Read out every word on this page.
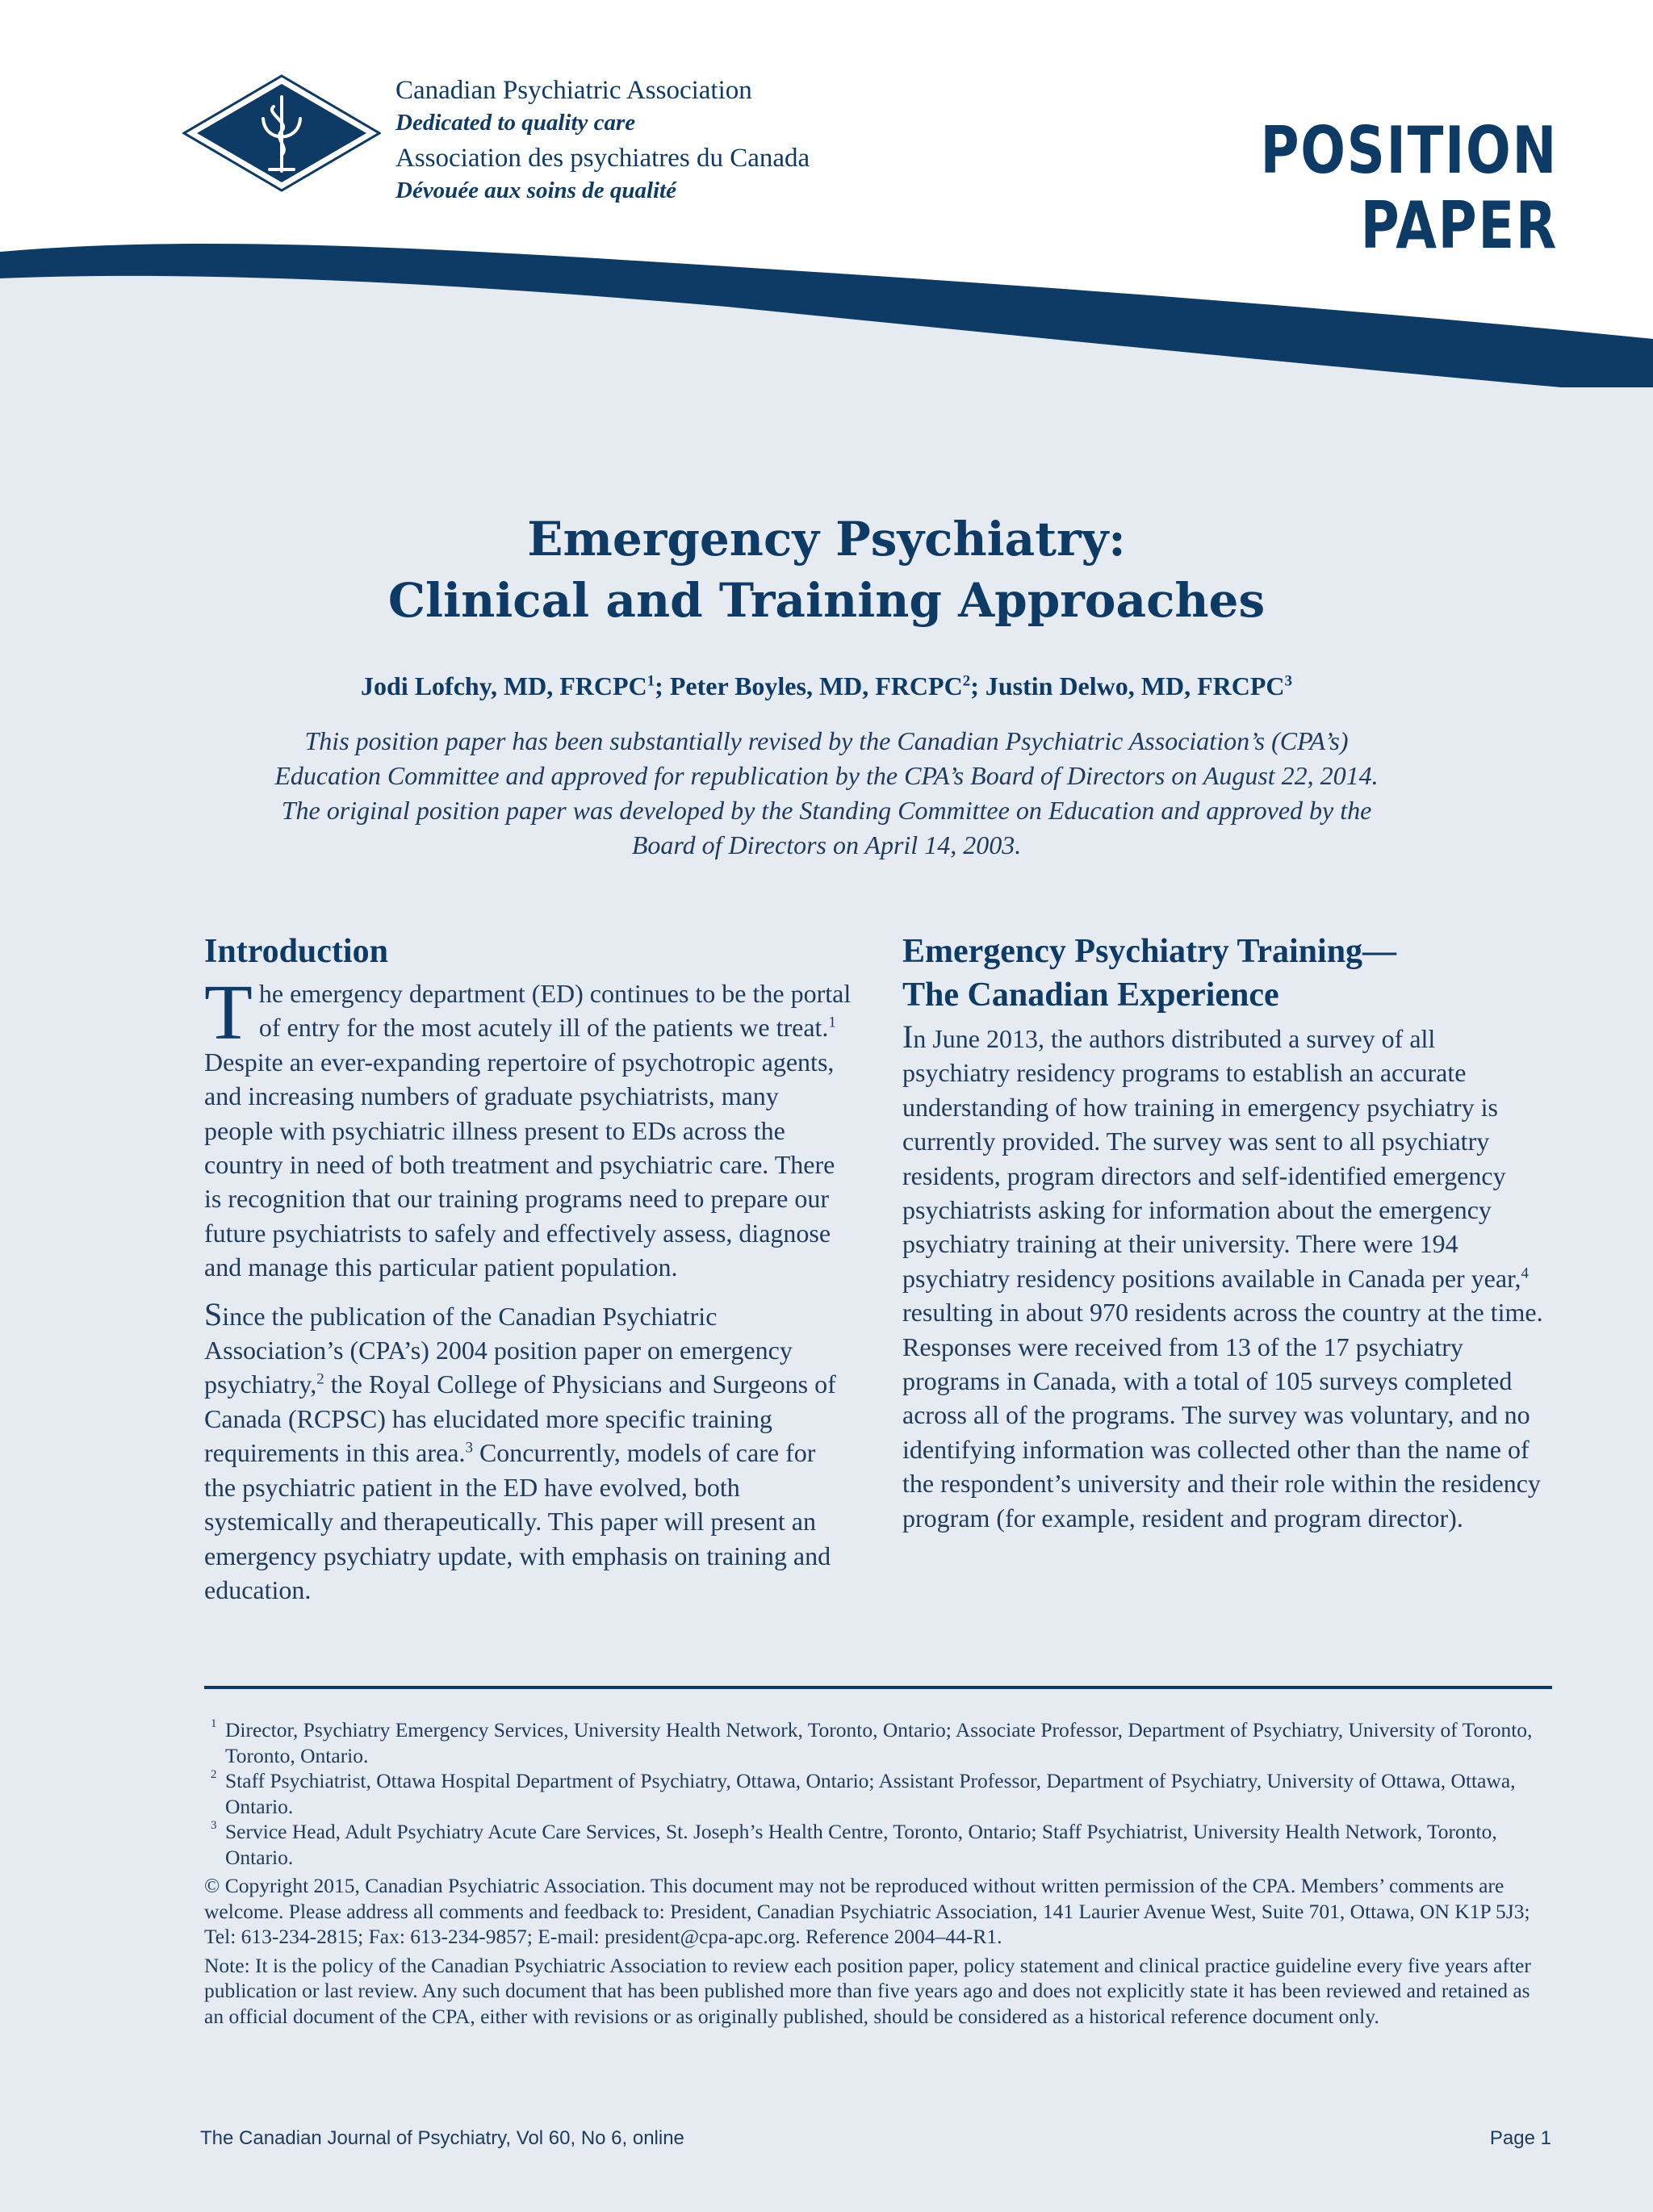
Canadian Psychiatric Association
Dedicated to quality care
Association des psychiatres du Canada
Dévouée aux soins de qualité
POSITION PAPER
Emergency Psychiatry:
Clinical and Training Approaches
Jodi Lofchy, MD, FRCPC$^1$; Peter Boyles, MD, FRCPC$^2$; Justin Delwo, MD, FRCPC$^3$
This position paper has been substantially revised by the Canadian Psychiatric Association’s (CPA’s)
Education Committee and approved for republication by the CPA’s Board of Directors on August 22, 2014.
The original position paper was developed by the Standing Committee on Education and approved by the
Board of Directors on April 14, 2003.
Introduction

The emergency department (ED) continues to be the portal of entry for the most acutely ill of the patients we treat.$^1$ Despite an ever-expanding repertoire of psychotropic agents, and increasing numbers of graduate psychiatrists, many people with psychiatric illness present to EDs across the country in need of both treatment and psychiatric care. There is recognition that our training programs need to prepare our future psychiatrists to safely and effectively assess, diagnose and manage this particular patient population.

Since the publication of the Canadian Psychiatric Association’s (CPA’s) 2004 position paper on emergency psychiatry,$^2$ the Royal College of Physicians and Surgeons of Canada (RCPSC) has elucidated more specific training requirements in this area.$^3$ Concurrently, models of care for the psychiatric patient in the ED have evolved, both systemically and therapeutically. This paper will present an emergency psychiatry update, with emphasis on training and education.

Emergency Psychiatry Training—
The Canadian Experience

In June 2013, the authors distributed a survey of all psychiatry residency programs to establish an accurate understanding of how training in emergency psychiatry is currently provided. The survey was sent to all psychiatry residents, program directors and self-identified emergency psychiatrists asking for information about the emergency psychiatry training at their university. There were 194 psychiatry residency positions available in Canada per year,$^4$ resulting in about 970 residents across the country at the time. Responses were received from 13 of the 17 psychiatry programs in Canada, with a total of 105 surveys completed across all of the programs. The survey was voluntary, and no identifying information was collected other than the name of the respondent’s university and their role within the residency program (for example, resident and program director).

1 Director, Psychiatry Emergency Services, University Health Network, Toronto, Ontario; Associate Professor, Department of Psychiatry, University of Toronto, Toronto, Ontario.

2 Staff Psychiatrist, Ottawa Hospital Department of Psychiatry, Ottawa, Ontario; Assistant Professor, Department of Psychiatry, University of Ottawa, Ottawa, Ontario.

3 Service Head, Adult Psychiatry Acute Care Services, St. Joseph’s Health Centre, Toronto, Ontario; Staff Psychiatrist, University Health Network, Toronto, Ontario.

© Copyright 2015, Canadian Psychiatric Association. This document may not be reproduced without written permission of the CPA. Members’ comments are welcome. Please address all comments and feedback to: President, Canadian Psychiatric Association, 141 Laurier Avenue West, Suite 701, Ottawa, ON K1P 5J3; Tel: 613-234-2815; Fax: 613-234-9857; E-mail: president@cpa-apc.org. Reference 2004–44-R1.

Note: It is the policy of the Canadian Psychiatric Association to review each position paper, policy statement and clinical practice guideline every five years after publication or last review. Any such document that has been published more than five years ago and does not explicitly state it has been reviewed and retained as an official document of the CPA, either with revisions or as originally published, should be considered as a historical reference document only.

The Canadian Journal of Psychiatry, Vol 60, No 6, online	Page 1
